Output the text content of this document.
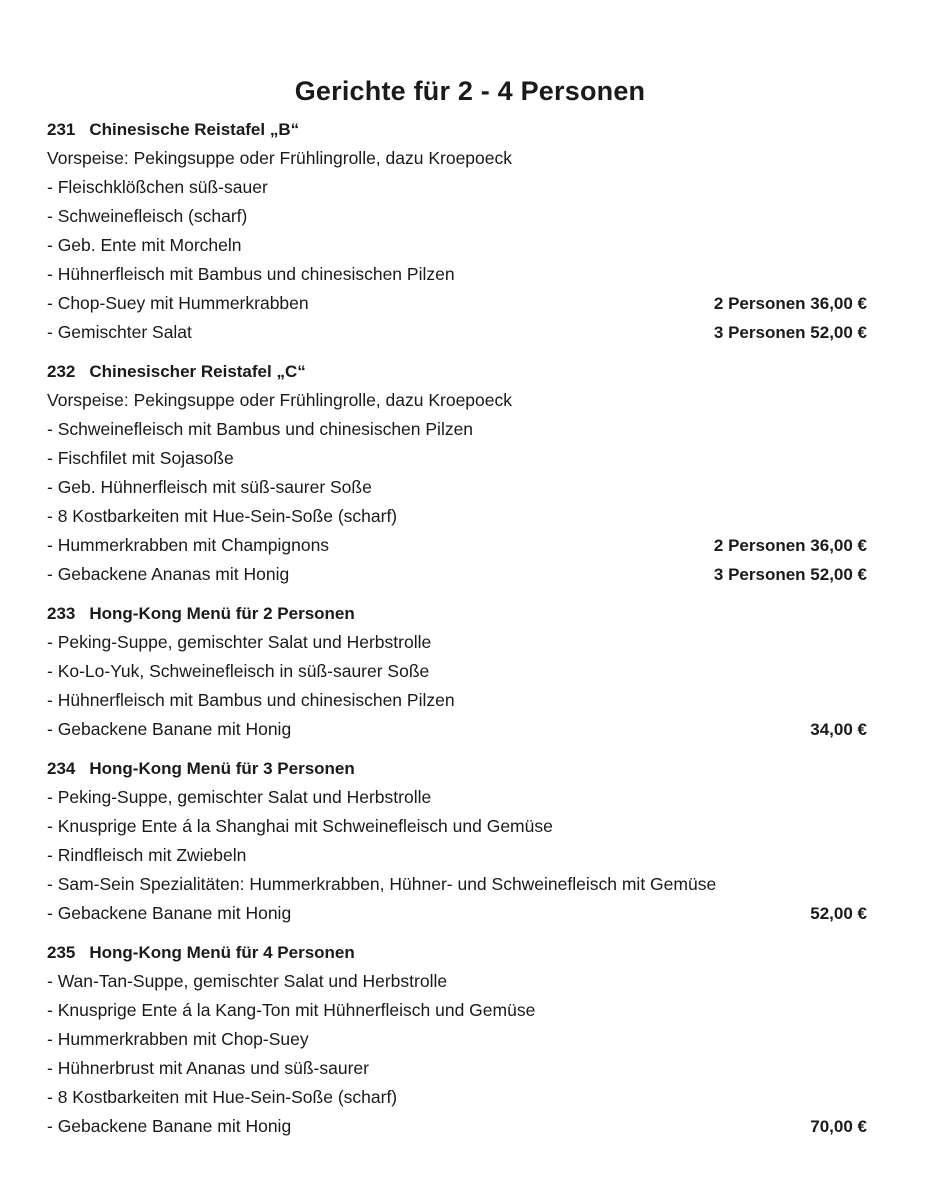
Gerichte für 2 - 4 Personen
231 Chinesische Reistafel „B“
Vorspeise: Pekingsuppe oder Frühlingrolle, dazu Kroepoeck
- Fleischklößchen süß-sauer
- Schweinefleisch (scharf)
- Geb. Ente mit Morcheln
- Hühnerfleisch mit Bambus und chinesischen Pilzen
- Chop-Suey mit Hummerkrabben	2 Personen 36,00 €
- Gemischter Salat	3 Personen 52,00 €
232 Chinesischer Reistafel „C“
Vorspeise: Pekingsuppe oder Frühlingrolle, dazu Kroepoeck
- Schweinefleisch mit Bambus und chinesischen Pilzen
- Fischfilet mit Sojasoße
- Geb. Hühnerfleisch mit süß-saurer Soße
- 8 Kostbarkeiten mit Hue-Sein-Soße (scharf)
- Hummerkrabben mit Champignons	2 Personen 36,00 €
- Gebackene Ananas mit Honig	3 Personen 52,00 €
233 Hong-Kong Menü für 2 Personen
- Peking-Suppe, gemischter Salat und Herbstrolle
- Ko-Lo-Yuk, Schweinefleisch in süß-saurer Soße
- Hühnerfleisch mit Bambus und chinesischen Pilzen
- Gebackene Banane mit Honig	34,00 €
234 Hong-Kong Menü für 3 Personen
- Peking-Suppe, gemischter Salat und Herbstrolle
- Knusprige Ente á la Shanghai mit Schweinefleisch und Gemüse
- Rindfleisch mit Zwiebeln
- Sam-Sein Spezialitäten: Hummerkrabben, Hühner- und Schweinefleisch mit Gemüse
- Gebackene Banane mit Honig	52,00 €
235 Hong-Kong Menü für 4 Personen
- Wan-Tan-Suppe, gemischter Salat und Herbstrolle
- Knusprige Ente á la Kang-Ton mit Hühnerfleisch und Gemüse
- Hummerkrabben mit Chop-Suey
- Hühnerbrust mit Ananas und süß-saurer
- 8 Kostbarkeiten mit Hue-Sein-Soße (scharf)
- Gebackene Banane mit Honig	70,00 €
